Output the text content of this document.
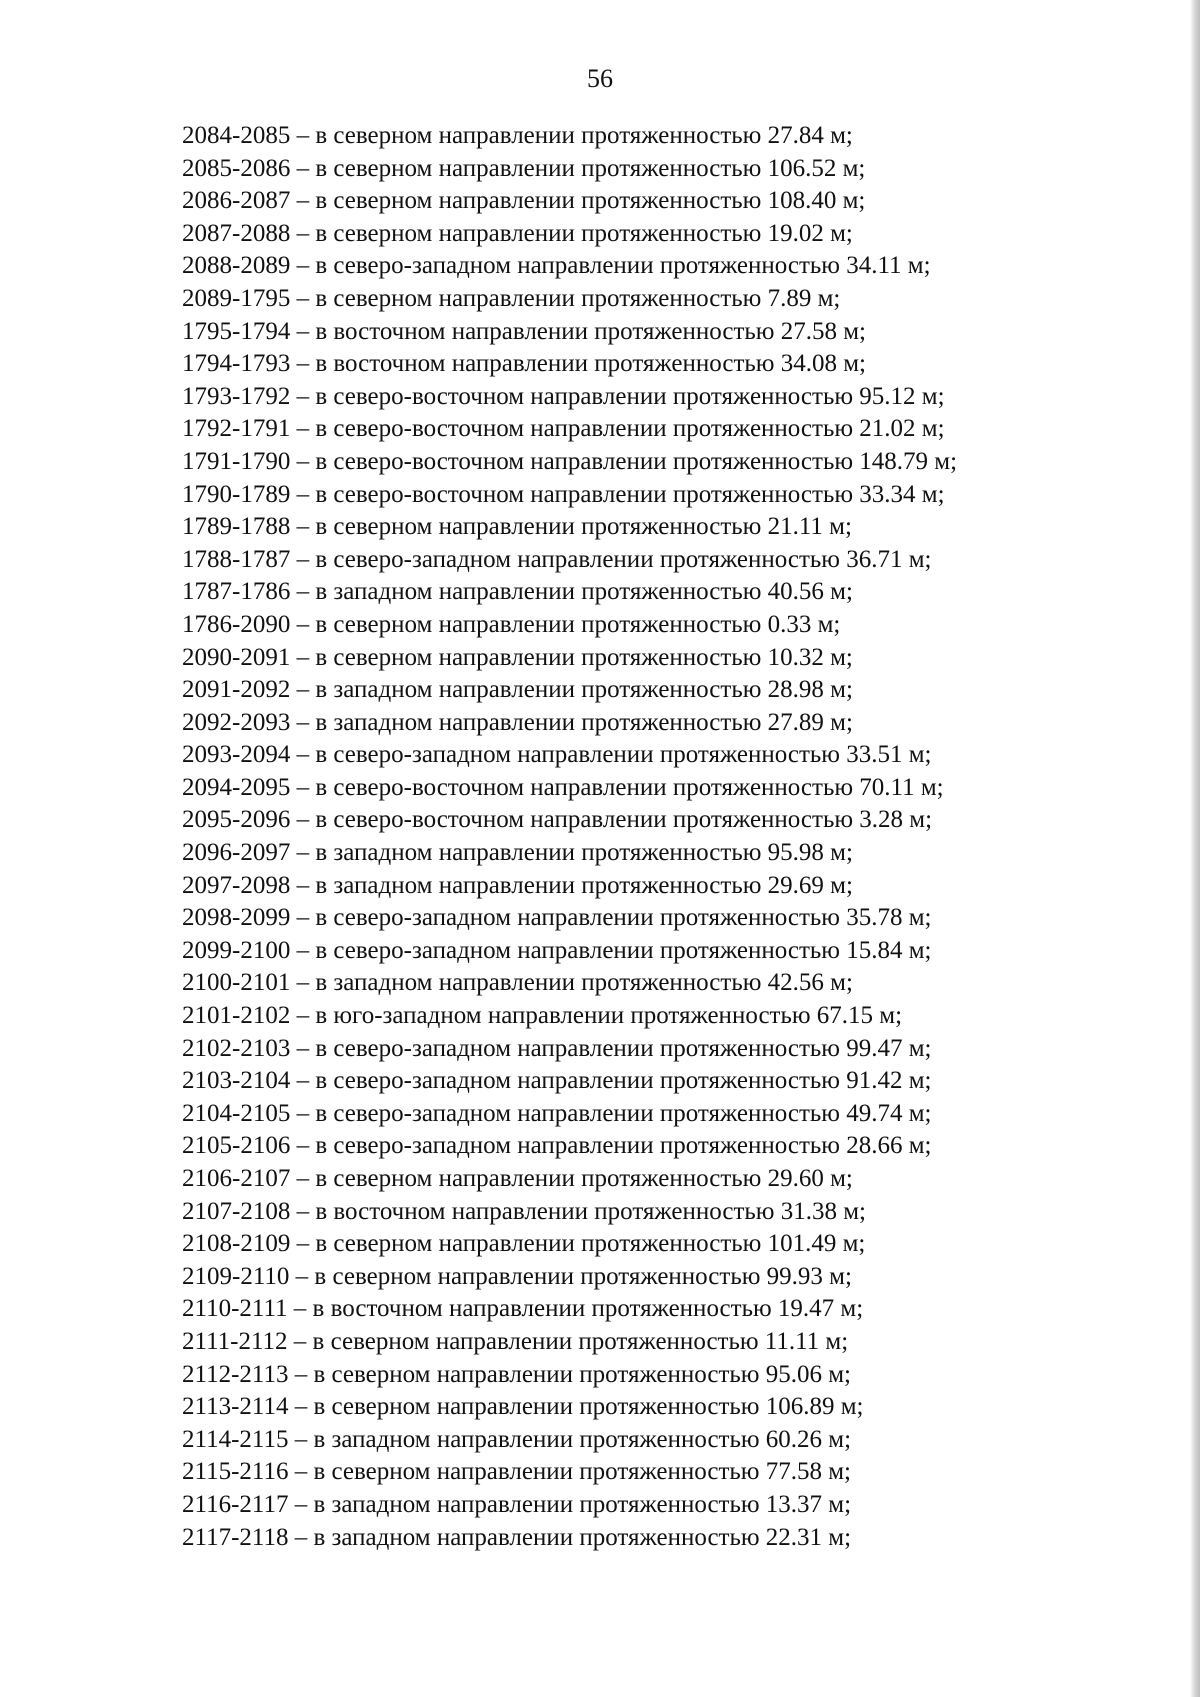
56
2084-2085 – в северном направлении протяженностью 27.84 м;
2085-2086 – в северном направлении протяженностью 106.52 м;
2086-2087 – в северном направлении протяженностью 108.40 м;
2087-2088 – в северном направлении протяженностью 19.02 м;
2088-2089 – в северо-западном направлении протяженностью 34.11 м;
2089-1795 – в северном направлении протяженностью 7.89 м;
1795-1794 – в восточном направлении протяженностью 27.58 м;
1794-1793 – в восточном направлении протяженностью 34.08 м;
1793-1792 – в северо-восточном направлении протяженностью 95.12 м;
1792-1791 – в северо-восточном направлении протяженностью 21.02 м;
1791-1790 – в северо-восточном направлении протяженностью 148.79 м;
1790-1789 – в северо-восточном направлении протяженностью 33.34 м;
1789-1788 – в северном направлении протяженностью 21.11 м;
1788-1787 – в северо-западном направлении протяженностью 36.71 м;
1787-1786 – в западном направлении протяженностью 40.56 м;
1786-2090 – в северном направлении протяженностью 0.33 м;
2090-2091 – в северном направлении протяженностью 10.32 м;
2091-2092 – в западном направлении протяженностью 28.98 м;
2092-2093 – в западном направлении протяженностью 27.89 м;
2093-2094 – в северо-западном направлении протяженностью 33.51 м;
2094-2095 – в северо-восточном направлении протяженностью 70.11 м;
2095-2096 – в северо-восточном направлении протяженностью 3.28 м;
2096-2097 – в западном направлении протяженностью 95.98 м;
2097-2098 – в западном направлении протяженностью 29.69 м;
2098-2099 – в северо-западном направлении протяженностью 35.78 м;
2099-2100 – в северо-западном направлении протяженностью 15.84 м;
2100-2101 – в западном направлении протяженностью 42.56 м;
2101-2102 – в юго-западном направлении протяженностью 67.15 м;
2102-2103 – в северо-западном направлении протяженностью 99.47 м;
2103-2104 – в северо-западном направлении протяженностью 91.42 м;
2104-2105 – в северо-западном направлении протяженностью 49.74 м;
2105-2106 – в северо-западном направлении протяженностью 28.66 м;
2106-2107 – в северном направлении протяженностью 29.60 м;
2107-2108 – в восточном направлении протяженностью 31.38 м;
2108-2109 – в северном направлении протяженностью 101.49 м;
2109-2110 – в северном направлении протяженностью 99.93 м;
2110-2111 – в восточном направлении протяженностью 19.47 м;
2111-2112 – в северном направлении протяженностью 11.11 м;
2112-2113 – в северном направлении протяженностью 95.06 м;
2113-2114 – в северном направлении протяженностью 106.89 м;
2114-2115 – в западном направлении протяженностью 60.26 м;
2115-2116 – в северном направлении протяженностью 77.58 м;
2116-2117 – в западном направлении протяженностью 13.37 м;
2117-2118 – в западном направлении протяженностью 22.31 м;
